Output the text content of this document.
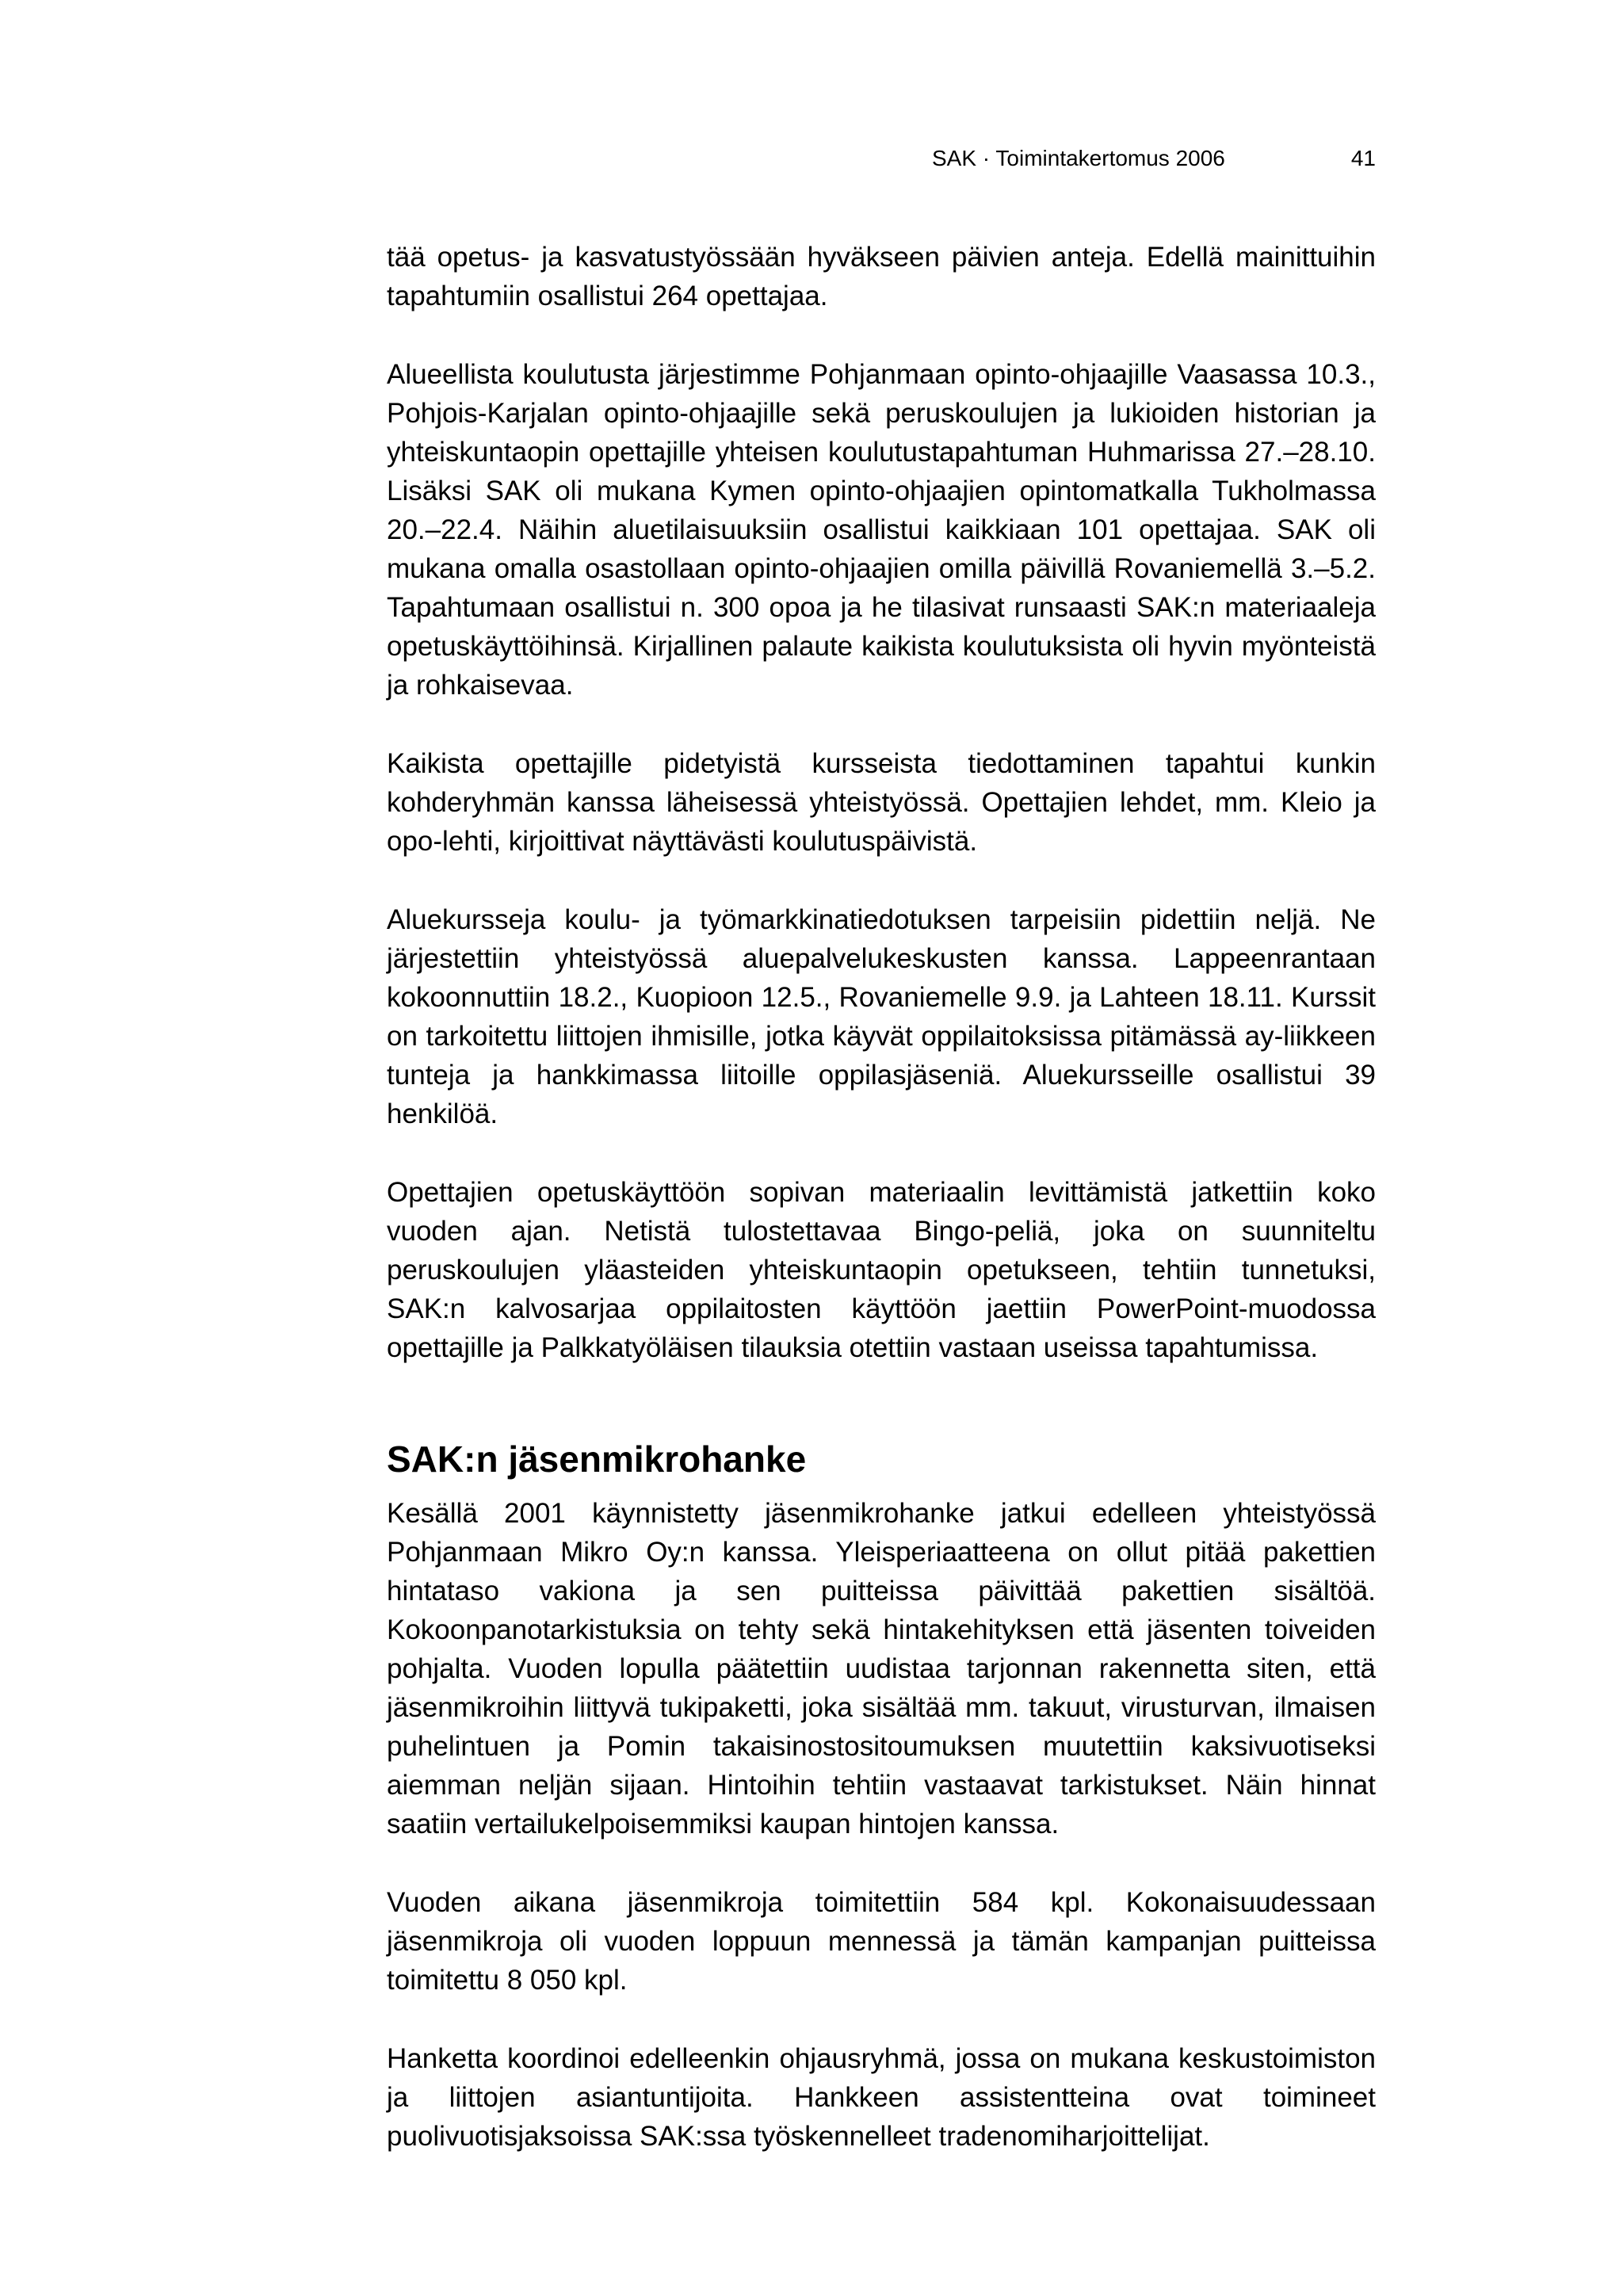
SAK · Toimintakertomus 2006	41

tää opetus- ja kasvatustyössään hyväkseen päivien anteja. Edellä mainittuihin tapahtumiin osallistui 264 opettajaa.

Alueellista koulutusta järjestimme Pohjanmaan opinto-ohjaajille Vaasassa 10.3., Pohjois-Karjalan opinto-ohjaajille sekä peruskoulujen ja lukioiden historian ja yhteiskuntaopin opettajille yhteisen koulutustapahtuman Huhmarissa 27.–28.10. Lisäksi SAK oli mukana Kymen opinto-ohjaajien opintomatkalla Tukholmassa 20.–22.4. Näihin aluetilaisuuksiin osallistui kaikkiaan 101 opettajaa. SAK oli mukana omalla osastollaan opinto-ohjaajien omilla päivillä Rovaniemellä 3.–5.2. Tapahtumaan osallistui n. 300 opoa ja he tilasivat runsaasti SAK:n materiaaleja opetuskäyttöihinsä. Kirjallinen palaute kaikista koulutuksista oli hyvin myönteistä ja rohkaisevaa.

Kaikista opettajille pidetyistä kursseista tiedottaminen tapahtui kunkin kohderyhmän kanssa läheisessä yhteistyössä. Opettajien lehdet, mm. Kleio ja opo-lehti, kirjoittivat näyttävästi koulutuspäivistä.

Aluekursseja koulu- ja työmarkkinatiedotuksen tarpeisiin pidettiin neljä. Ne järjestettiin yhteistyössä aluepalvelukeskusten kanssa. Lappeenrantaan kokoonnuttiin 18.2., Kuopioon 12.5., Rovaniemelle 9.9. ja Lahteen 18.11. Kurssit on tarkoitettu liittojen ihmisille, jotka käyvät oppilaitoksissa pitämässä ay-liikkeen tunteja ja hankkimassa liitoille oppilasjäseniä. Aluekursseille osallistui 39 henkilöä.

Opettajien opetuskäyttöön sopivan materiaalin levittämistä jatkettiin koko vuoden ajan. Netistä tulostettavaa Bingo-peliä, joka on suunniteltu peruskoulujen yläasteiden yhteiskuntaopin opetukseen, tehtiin tunnetuksi, SAK:n kalvosarjaa oppilaitosten käyttöön jaettiin PowerPoint-muodossa opettajille ja Palkkatyöläisen tilauksia otettiin vastaan useissa tapahtumissa.

SAK:n jäsenmikrohanke

Kesällä 2001 käynnistetty jäsenmikrohanke jatkui edelleen yhteistyössä Pohjanmaan Mikro Oy:n kanssa. Yleisperiaatteena on ollut pitää pakettien hintataso vakiona ja sen puitteissa päivittää pakettien sisältöä. Kokoonpanotarkistuksia on tehty sekä hintakehityksen että jäsenten toiveiden pohjalta. Vuoden lopulla päätettiin uudistaa tarjonnan rakennetta siten, että jäsenmikroihin liittyvä tukipaketti, joka sisältää mm. takuut, virusturvan, ilmaisen puhelintuen ja Pomin takaisinostositoumuksen muutettiin kaksivuotiseksi aiemman neljän sijaan. Hintoihin tehtiin vastaavat tarkistukset. Näin hinnat saatiin vertailukelpoisemmiksi kaupan hintojen kanssa.

Vuoden aikana jäsenmikroja toimitettiin 584 kpl. Kokonaisuudessaan jäsenmikroja oli vuoden loppuun mennessä ja tämän kampanjan puitteissa toimitettu 8 050 kpl.

Hanketta koordinoi edelleenkin ohjausryhmä, jossa on mukana keskustoimiston ja liittojen asiantuntijoita. Hankkeen assistentteina ovat toimineet puolivuotisjaksoissa SAK:ssa työskennelleet tradenomiharjoittelijat.
